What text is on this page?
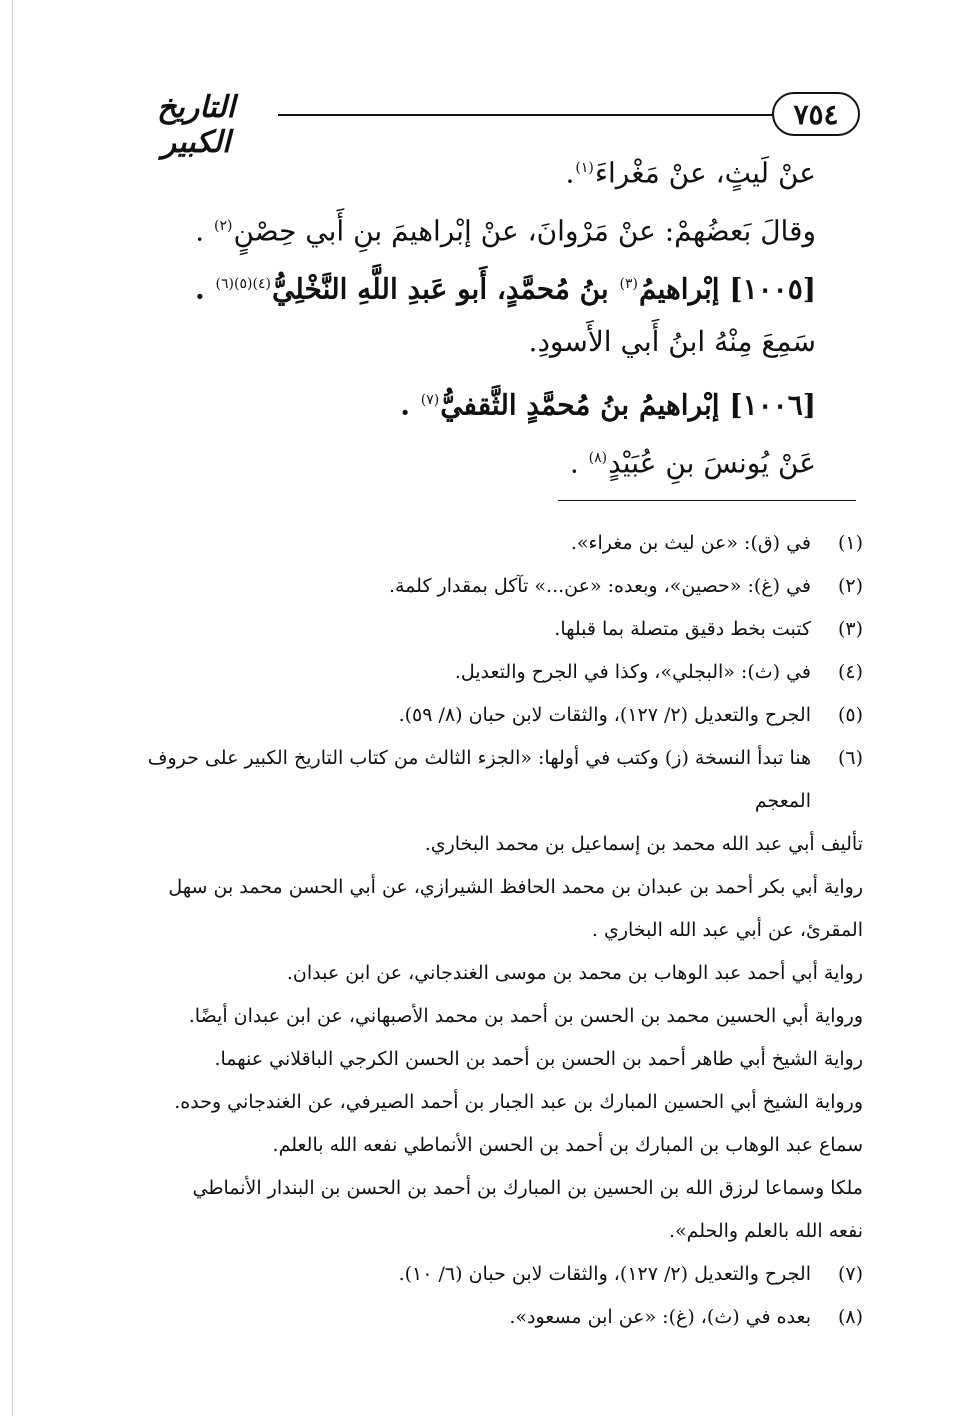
التاريخ الكبير
٧٥٤
عنْ لَيثٍ، عنْ مَغْراءَ$^{(١)}$.
وقالَ بَعضُهمْ: عنْ مَرْوانَ، عنْ إبْراهيمَ بنِ أَبي حِصْنٍ$^{(٢)}$ .
[١٠٠٥] إبْراهيمُ$^{(٣)}$ بنُ مُحمَّدٍ، أَبو عَبدِ اللَّهِ النَّخْلِيُّ$^{(٤)(٥)(٦)}$ .
سَمِعَ مِنْهُ ابنُ أَبي الأَسودِ.
[١٠٠٦] إبْراهيمُ بنُ مُحمَّدٍ الثَّقفيُّ$^{(٧)}$ .
عَنْ يُونسَ بنِ عُبَيْدٍ$^{(٨)}$ .
(١)
في (ق): «عن ليث بن مغراء».
(٢)
في (غ): «حصين»، وبعده: «عن...» تآكل بمقدار كلمة.
(٣)
كتبت بخط دقيق متصلة بما قبلها.
(٤)
في (ث): «البجلي»، وكذا في الجرح والتعديل.
(٥)
الجرح والتعديل (٢/ ١٢٧)، والثقات لابن حبان (٨/ ٥٩).
(٦)
هنا تبدأ النسخة (ز) وكتب في أولها: «الجزء الثالث من كتاب التاريخ الكبير على حروف
المعجم
تأليف أبي عبد الله محمد بن إسماعيل بن محمد البخاري.
رواية أبي بكر أحمد بن عبدان بن محمد الحافظ الشيرازي، عن أبي الحسن محمد بن سهل
المقرئ، عن أبي عبد الله البخاري .
رواية أبي أحمد عبد الوهاب بن محمد بن موسى الغندجاني، عن ابن عبدان.
ورواية أبي الحسين محمد بن الحسن بن أحمد بن محمد الأصبهاني، عن ابن عبدان أيضًا.
رواية الشيخ أبي طاهر أحمد بن الحسن بن أحمد بن الحسن الكرجي الباقلاني عنهما.
ورواية الشيخ أبي الحسين المبارك بن عبد الجبار بن أحمد الصيرفي، عن الغندجاني وحده.
سماع عبد الوهاب بن المبارك بن أحمد بن الحسن الأنماطي نفعه الله بالعلم.
ملكا وسماعا لرزق الله بن الحسين بن المبارك بن أحمد بن الحسن بن البندار الأنماطي
نفعه الله بالعلم والحلم».
(٧)
الجرح والتعديل (٢/ ١٢٧)، والثقات لابن حبان (٦/ ١٠).
(٨)
بعده في (ث)، (غ): «عن ابن مسعود».
